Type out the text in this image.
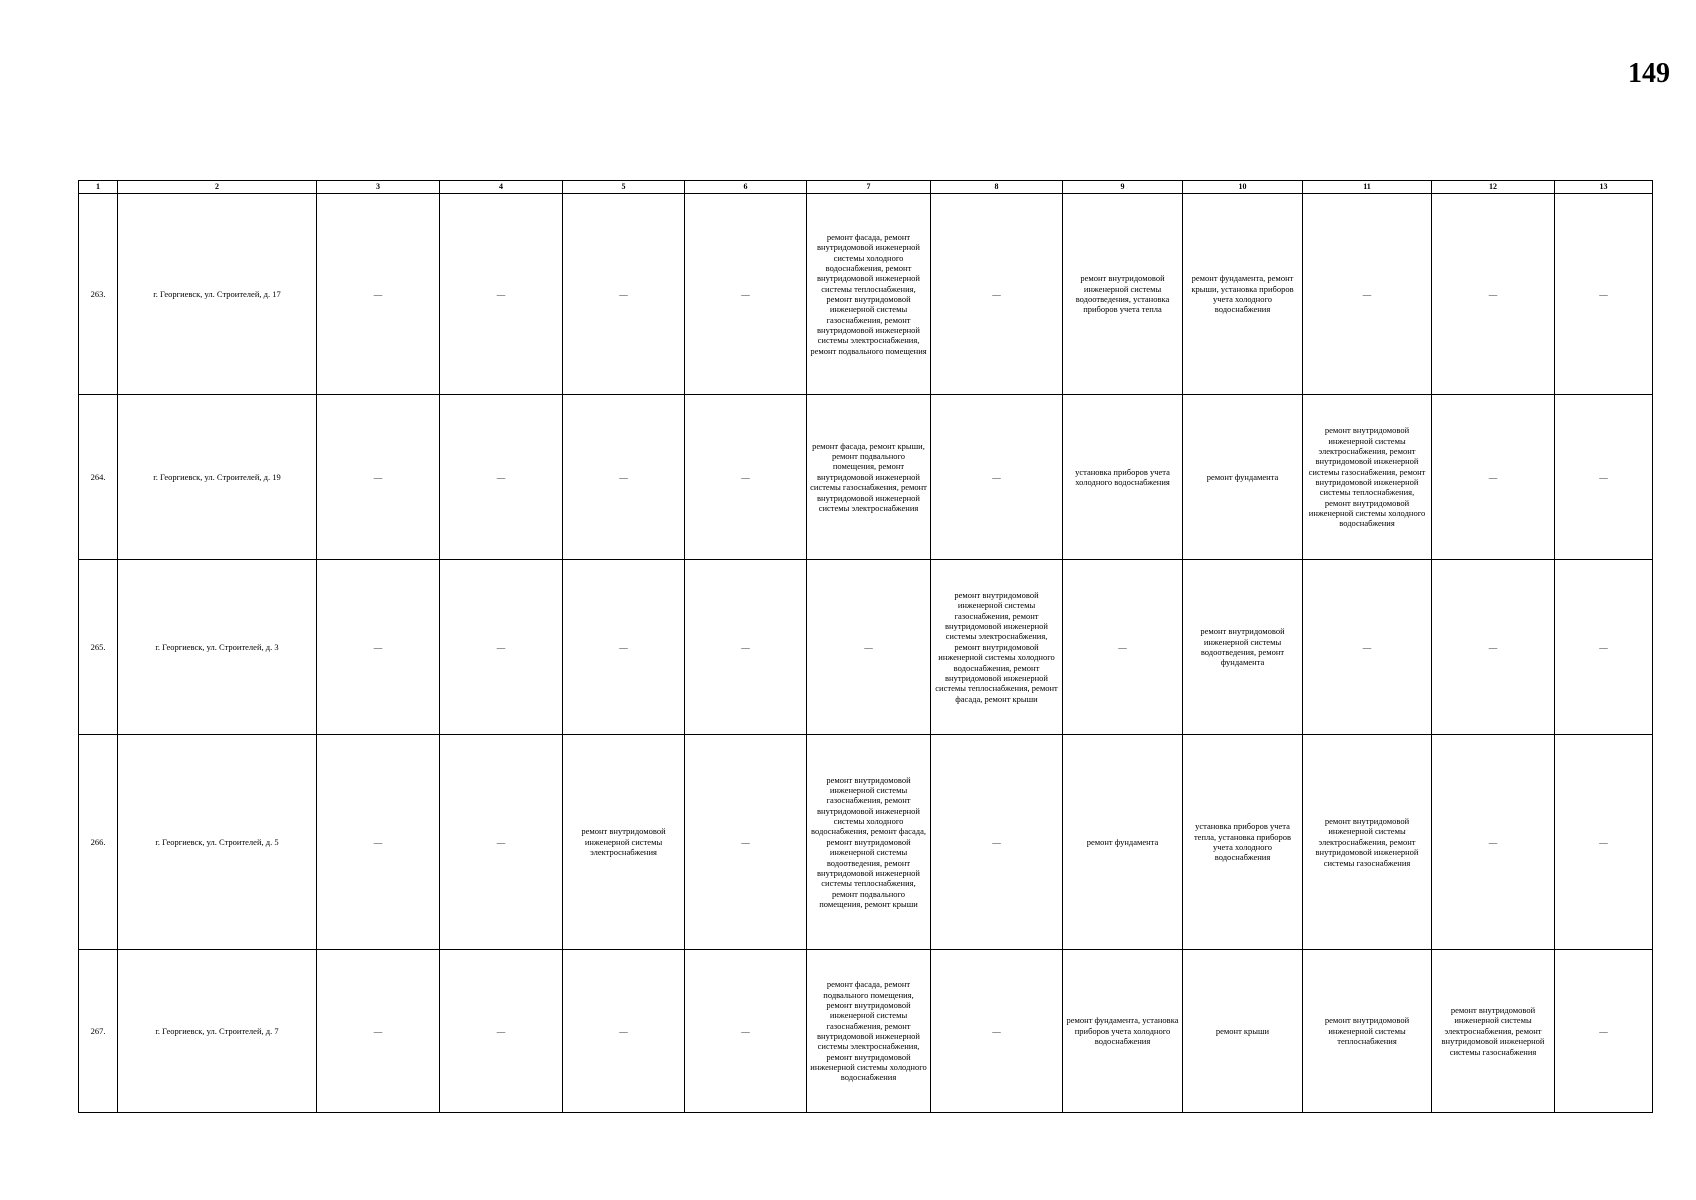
149
1	2	3	4	5	6	7	8	9	10	11	12	13
263.	г. Георгиевск, ул. Строителей, д. 17	—	—	—	—	ремонт фасада, ремонт внутридомовой инженерной системы холодного водоснабжения, ремонт внутридомовой инженерной системы теплоснабжения, ремонт внутридомовой инженерной системы газоснабжения, ремонт внутридомовой инженерной системы электроснабжения, ремонт подвального помещения	—	ремонт внутридомовой инженерной системы водоотведения, установка приборов учета тепла	ремонт фундамента, ремонт крыши, установка приборов учета холодного водоснабжения	—	—	—
264.	г. Георгиевск, ул. Строителей, д. 19	—	—	—	—	ремонт фасада, ремонт крыши, ремонт подвального помещения, ремонт внутридомовой инженерной системы газоснабжения, ремонт внутридомовой инженерной системы электроснабжения	—	установка приборов учета холодного водоснабжения	ремонт фундамента	ремонт внутридомовой инженерной системы электроснабжения, ремонт внутридомовой инженерной системы газоснабжения, ремонт внутридомовой инженерной системы теплоснабжения, ремонт внутридомовой инженерной системы холодного водоснабжения	—	—
265.	г. Георгиевск, ул. Строителей, д. 3	—	—	—	—	—	ремонт внутридомовой инженерной системы газоснабжения, ремонт внутридомовой инженерной системы электроснабжения, ремонт внутридомовой инженерной системы холодного водоснабжения, ремонт внутридомовой инженерной системы теплоснабжения, ремонт фасада, ремонт крыши	—	ремонт внутридомовой инженерной системы водоотведения, ремонт фундамента	—	—	—
266.	г. Георгиевск, ул. Строителей, д. 5	—	—	ремонт внутридомовой инженерной системы электроснабжения	—	ремонт внутридомовой инженерной системы газоснабжения, ремонт внутридомовой инженерной системы холодного водоснабжения, ремонт фасада, ремонт внутридомовой инженерной системы водоотведения, ремонт внутридомовой инженерной системы теплоснабжения, ремонт подвального помещения, ремонт крыши	—	ремонт фундамента	установка приборов учета тепла, установка приборов учета холодного водоснабжения	ремонт внутридомовой инженерной системы электроснабжения, ремонт внутридомовой инженерной системы газоснабжения	—	—
267.	г. Георгиевск, ул. Строителей, д. 7	—	—	—	—	ремонт фасада, ремонт подвального помещения, ремонт внутридомовой инженерной системы газоснабжения, ремонт внутридомовой инженерной системы электроснабжения, ремонт внутридомовой инженерной системы холодного водоснабжения	—	ремонт фундамента, установка приборов учета холодного водоснабжения	ремонт крыши	ремонт внутридомовой инженерной системы теплоснабжения	ремонт внутридомовой инженерной системы электроснабжения, ремонт внутридомовой инженерной системы газоснабжения	—
